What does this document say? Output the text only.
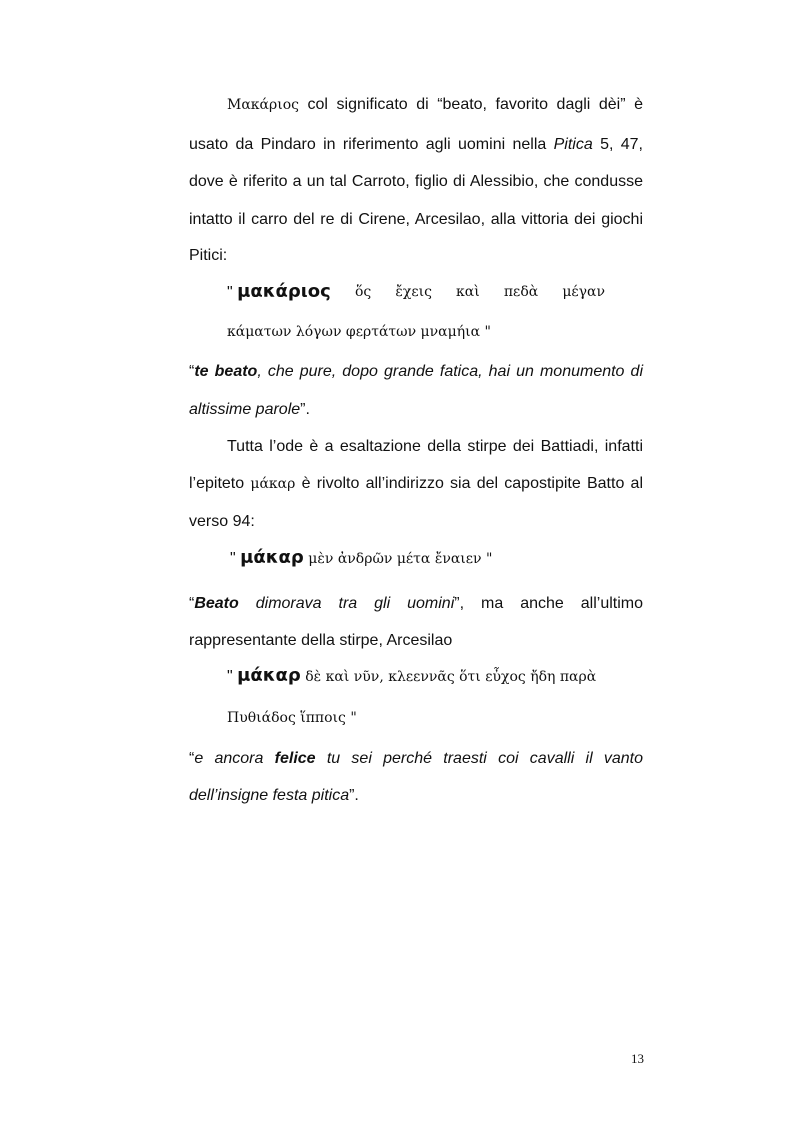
Μακάριος col significato di “beato, favorito dagli dèi” è
usato da Pindaro in riferimento agli uomini nella Pitica 5, 47,
dove è riferito a un tal Carroto, figlio di Alessibio, che condusse
intatto il carro del re di Cirene, Arcesilao, alla vittoria dei giochi
Pitici:
" μακάριος ὅς ἔχεις καὶ πεδὰ μέγαν
κάματων λόγων φερτάτων μναμήια "
“te beato, che pure, dopo grande fatica, hai un monumento di
altissime parole”.
Tutta l’ode è a esaltazione della stirpe dei Battiadi, infatti
l’epiteto μάκαρ è rivolto all’indirizzo sia del capostipite Batto al
verso 94:
" μάκαρ μὲν ἀνδρῶν μέτα ἔναιεν "
“Beato dimorava tra gli uomini”, ma anche all’ultimo
rappresentante della stirpe, Arcesilao
" μάκαρ δὲ καὶ νῦν, κλεεννᾶς ὅτι εὖχος ἤδη παρὰ
Πυθιάδος ἵπποις "
“e ancora felice tu sei perché traesti coi cavalli il vanto
dell’insigne festa pitica”.
13
